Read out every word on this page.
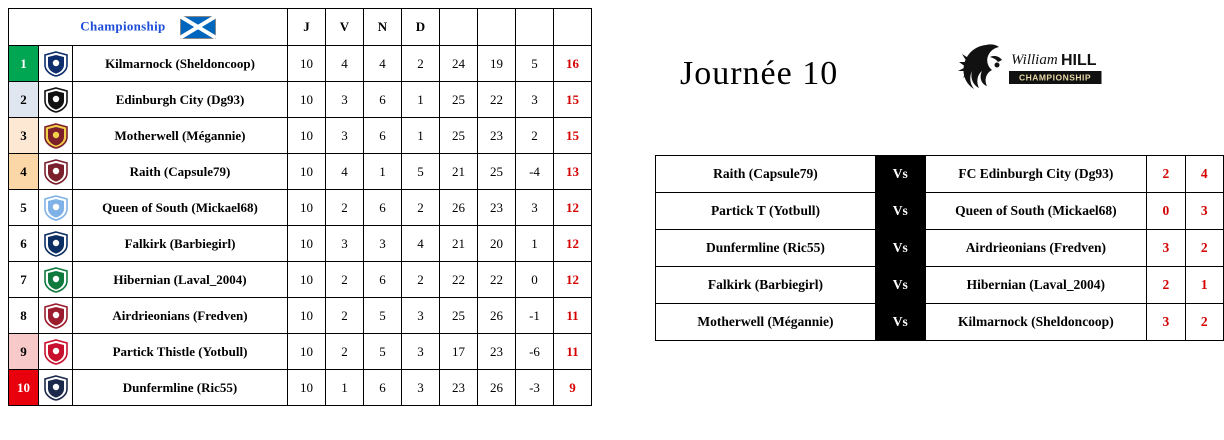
Championship			J	V	N	D	BP	BC	Diff	PTS
1		Kilmarnock (Sheldoncoop)	10	4	4	2	24	19	5	16
2		Edinburgh City (Dg93)	10	3	6	1	25	22	3	15
3		Motherwell (Mégannie)	10	3	6	1	25	23	2	15
4		Raith (Capsule79)	10	4	1	5	21	25	-4	13
5		Queen of South (Mickael68)	10	2	6	2	26	23	3	12
6		Falkirk (Barbiegirl)	10	3	3	4	21	20	1	12
7		Hibernian (Laval_2004)	10	2	6	2	22	22	0	12
8		Airdrieonians (Fredven)	10	2	5	3	25	26	-1	11
9		Partick Thistle (Yotbull)	10	2	5	3	17	23	-6	11
10		Dunfermline (Ric55)	10	1	6	3	23	26	-3	9
Journée 10	William HILL
CHAMPIONSHIP
Raith (Capsule79)	Vs	FC Edinburgh City (Dg93)	2	4
Partick T (Yotbull)	Vs	Queen of South (Mickael68)	0	3
Dunfermline (Ric55)	Vs	Airdrieonians (Fredven)	3	2
Falkirk (Barbiegirl)	Vs	Hibernian (Laval_2004)	2	1
Motherwell (Mégannie)	Vs	Kilmarnock (Sheldoncoop)	3	2
